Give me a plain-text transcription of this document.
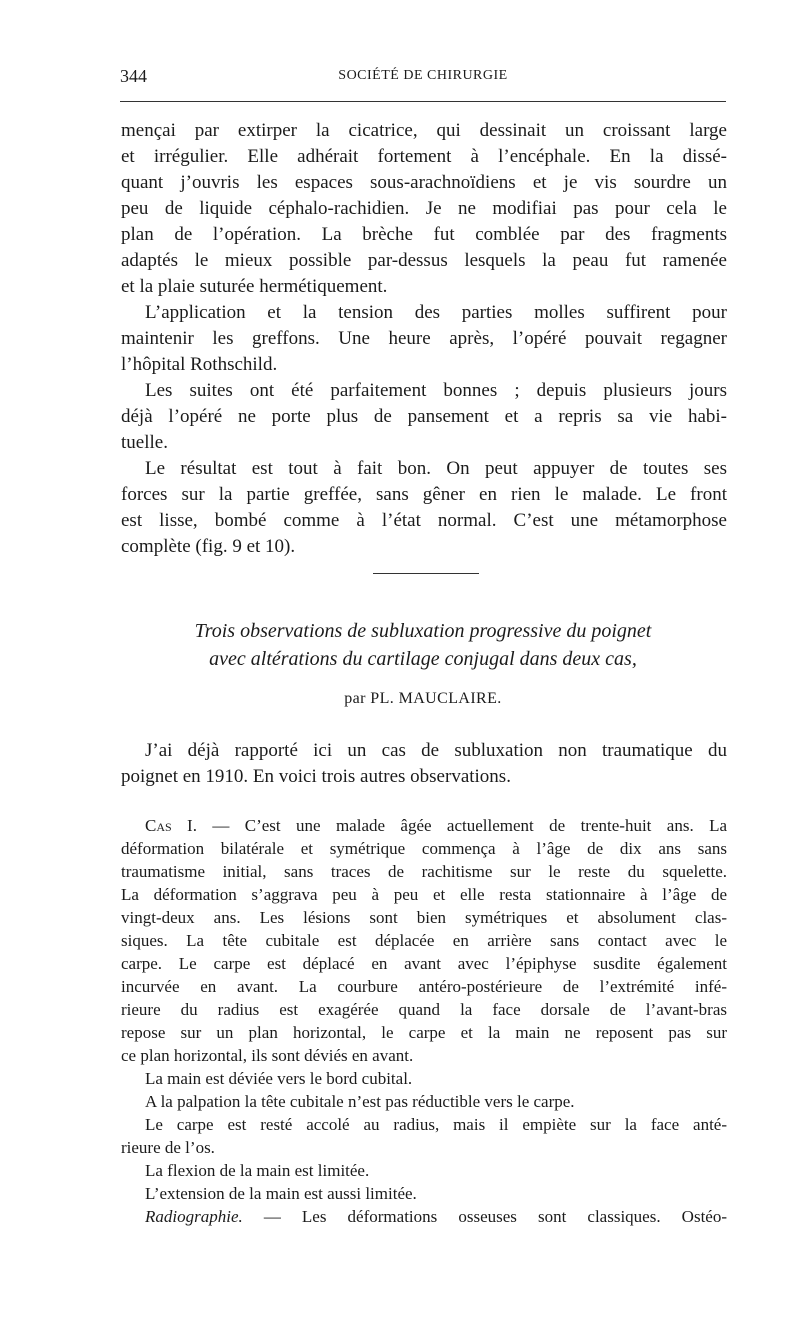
344	SOCIÉTÉ DE CHIRURGIE

mençai par extirper la cicatrice, qui dessinait un croissant large

et irrégulier. Elle adhérait fortement à l’encéphale. En la dissé-

quant j’ouvris les espaces sous-arachnoïdiens et je vis sourdre un

peu de liquide céphalo-rachidien. Je ne modifiai pas pour cela le

plan de l’opération. La brèche fut comblée par des fragments

adaptés le mieux possible par-dessus lesquels la peau fut ramenée

et la plaie suturée hermétiquement.

L’application et la tension des parties molles suffirent pour

maintenir les greffons. Une heure après, l’opéré pouvait regagner

l’hôpital Rothschild.

Les suites ont été parfaitement bonnes ; depuis plusieurs jours

déjà l’opéré ne porte plus de pansement et a repris sa vie habi-

tuelle.

Le résultat est tout à fait bon. On peut appuyer de toutes ses

forces sur la partie greffée, sans gêner en rien le malade. Le front

est lisse, bombé comme à l’état normal. C’est une métamorphose

complète (fig. 9 et 10).

Trois observations de subluxation progressive du poignet

avec altérations du cartilage conjugal dans deux cas,

par PL. MAUCLAIRE.

J’ai déjà rapporté ici un cas de subluxation non traumatique du

poignet en 1910. En voici trois autres observations.

Cas I. — C’est une malade âgée actuellement de trente-huit ans. La

déformation bilatérale et symétrique commença à l’âge de dix ans sans

traumatisme initial, sans traces de rachitisme sur le reste du squelette.

La déformation s’aggrava peu à peu et elle resta stationnaire à l’âge de

vingt-deux ans. Les lésions sont bien symétriques et absolument clas-

siques. La tête cubitale est déplacée en arrière sans contact avec le

carpe. Le carpe est déplacé en avant avec l’épiphyse susdite également

incurvée en avant. La courbure antéro-postérieure de l’extrémité infé-

rieure du radius est exagérée quand la face dorsale de l’avant-bras

repose sur un plan horizontal, le carpe et la main ne reposent pas sur

ce plan horizontal, ils sont déviés en avant.

La main est déviée vers le bord cubital.

A la palpation la tête cubitale n’est pas réductible vers le carpe.

Le carpe est resté accolé au radius, mais il empiète sur la face anté-

rieure de l’os.

La flexion de la main est limitée.

L’extension de la main est aussi limitée.

Radiographie. — Les déformations osseuses sont classiques. Ostéo-
